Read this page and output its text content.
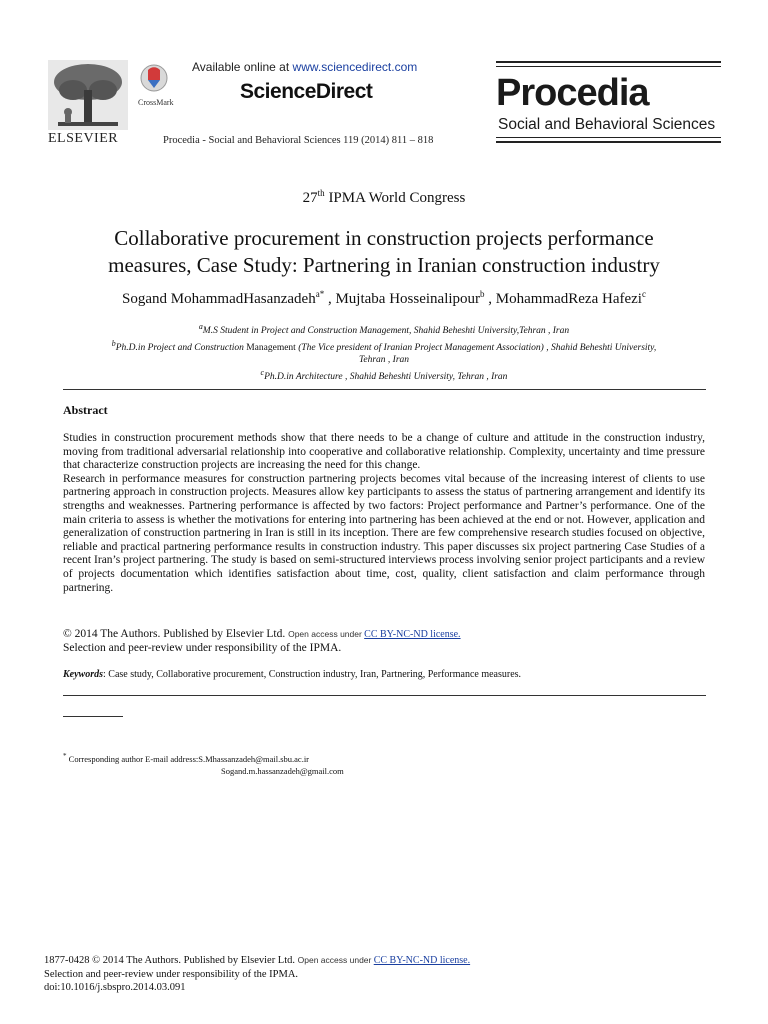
ELSEVIER
CrossMark
Available online at www.sciencedirect.com
ScienceDirect
Procedia - Social and Behavioral Sciences 119 (2014) 811 – 818
Procedia
Social and Behavioral Sciences
27th IPMA World Congress
Collaborative procurement in construction projects performance
measures, Case Study: Partnering in Iranian construction industry
Sogand MohammadHasanzadeh$^{a*}$ , Mujtaba Hosseinalipour$^b$ , MohammadReza Hafezi$^c$
$^a$M.S Student in Project and Construction Management, Shahid Beheshti University,Tehran , Iran
$^b$Ph.D.in Project and Construction Management (The Vice president of Iranian Project Management Association) , Shahid Beheshti University,
Tehran , Iran
$^c$Ph.D.in Architecture , Shahid Beheshti University, Tehran , Iran
Abstract

Studies in construction procurement methods show that there needs to be a change of culture and attitude in the construction industry, moving from traditional adversarial relationship into cooperative and collaborative relationship. Complexity, uncertainty and time pressure that characterize construction projects are increasing the need for this change.

Research in performance measures for construction partnering projects becomes vital because of the increasing interest of clients to use partnering approach in construction projects. Measures allow key participants to assess the status of partnering arrangement and identify its strengths and weaknesses. Partnering performance is affected by two factors: Project performance and Partner’s performance. One of the main criteria to assess is whether the motivations for entering into partnering has been achieved at the end or not. However, application and generalization of construction partnering in Iran is still in its inception. There are few comprehensive research studies focused on objective, reliable and practical partnering performance results in construction industry. This paper discusses six project partnering Case Studies of a recent Iran’s project partnering. The study is based on semi-structured interviews process involving senior project participants and a review of projects documentation which identifies satisfaction about time, cost, quality, client satisfaction and claim performance through partnering.

© 2014 The Authors. Published by Elsevier Ltd. Open access under CC BY-NC-ND license.
Selection and peer-review under responsibility of the IPMA.
Keywords: Case study, Collaborative procurement, Construction industry, Iran, Partnering, Performance measures.
* Corresponding author E-mail address:S.Mhassanzadeh@mail.sbu.ac.ir
Sogand.m.hassanzadeh@gmail.com
1877-0428 © 2014 The Authors. Published by Elsevier Ltd. Open access under CC BY-NC-ND license.
Selection and peer-review under responsibility of the IPMA.
doi:10.1016/j.sbspro.2014.03.091
